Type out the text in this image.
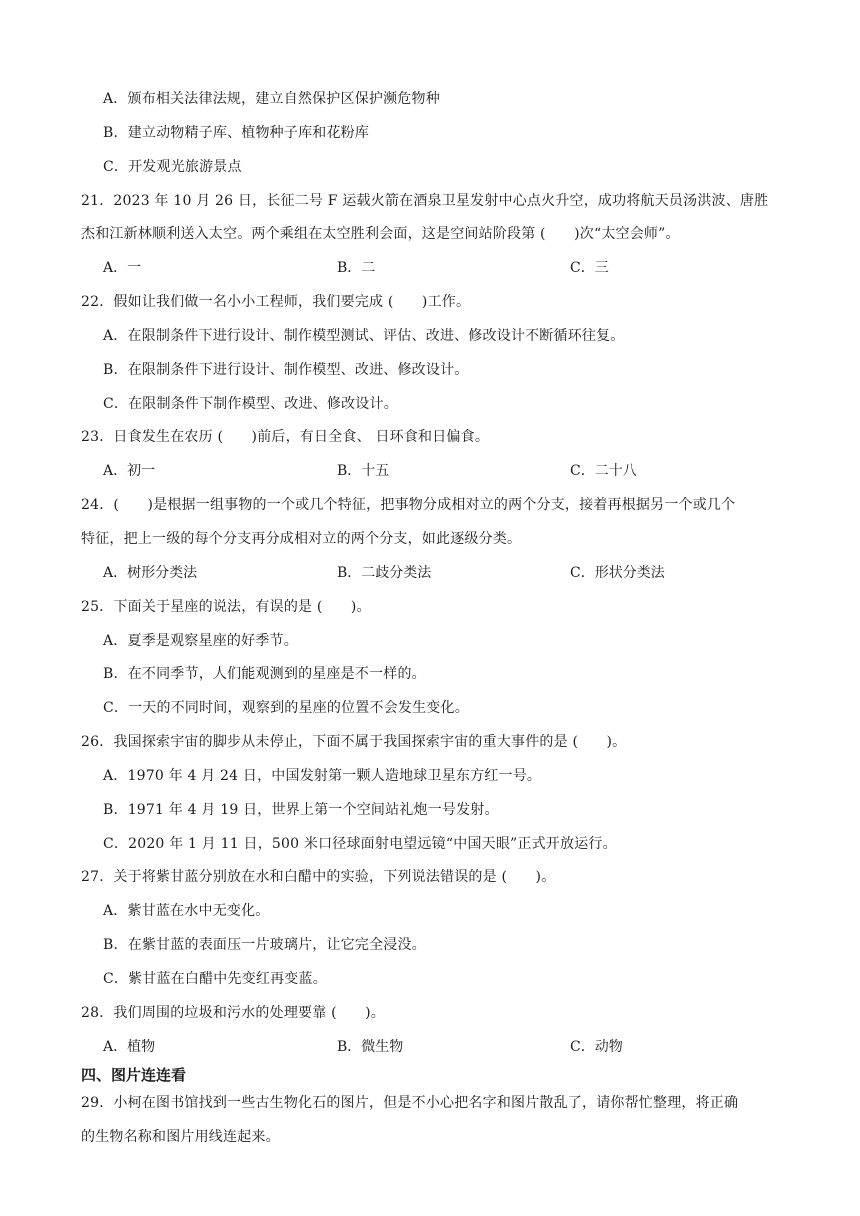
A．颁布相关法律法规，建立自然保护区保护濒危物种
B．建立动物精子库、植物种子库和花粉库
C．开发观光旅游景点
21．2023 年 10 月 26 日，长征二号 F 运载火箭在酒泉卫星发射中心点火升空，成功将航天员汤洪波、唐胜
杰和江新林顺利送入太空。两个乘组在太空胜利会面，这是空间站阶段第 (　　)次“太空会师”。
A．一	B．二	C．三
22．假如让我们做一名小小工程师，我们要完成 (　　)工作。
A．在限制条件下进行设计、制作模型测试、评估、改进、修改设计不断循环往复。
B．在限制条件下进行设计、制作模型、改进、修改设计。
C．在限制条件下制作模型、改进、修改设计。
23．日食发生在农历 (　　)前后，有日全食、 日环食和日偏食。
A．初一	B．十五	C．二十八
24．(　　)是根据一组事物的一个或几个特征，把事物分成相对立的两个分支，接着再根据另一个或几个
特征，把上一级的每个分支再分成相对立的两个分支，如此逐级分类。
A．树形分类法	B．二歧分类法	C．形状分类法
25．下面关于星座的说法，有误的是 (　　)。
A．夏季是观察星座的好季节。
B．在不同季节，人们能观测到的星座是不一样的。
C．一天的不同时间，观察到的星座的位置不会发生变化。
26．我国探索宇宙的脚步从未停止，下面不属于我国探索宇宙的重大事件的是 (　　)。
A．1970 年 4 月 24 日，中国发射第一颗人造地球卫星东方红一号。
B．1971 年 4 月 19 日，世界上第一个空间站礼炮一号发射。
C．2020 年 1 月 11 日，500 米口径球面射电望远镜“中国天眼”正式开放运行。
27．关于将紫甘蓝分别放在水和白醋中的实验，下列说法错误的是 (　　)。
A．紫甘蓝在水中无变化。
B．在紫甘蓝的表面压一片玻璃片，让它完全浸没。
C．紫甘蓝在白醋中先变红再变蓝。
28．我们周围的垃圾和污水的处理要靠 (　　)。
A．植物	B．微生物	C．动物
四、图片连连看
29．小柯在图书馆找到一些古生物化石的图片，但是不小心把名字和图片散乱了，请你帮忙整理，将正确
的生物名称和图片用线连起来。
